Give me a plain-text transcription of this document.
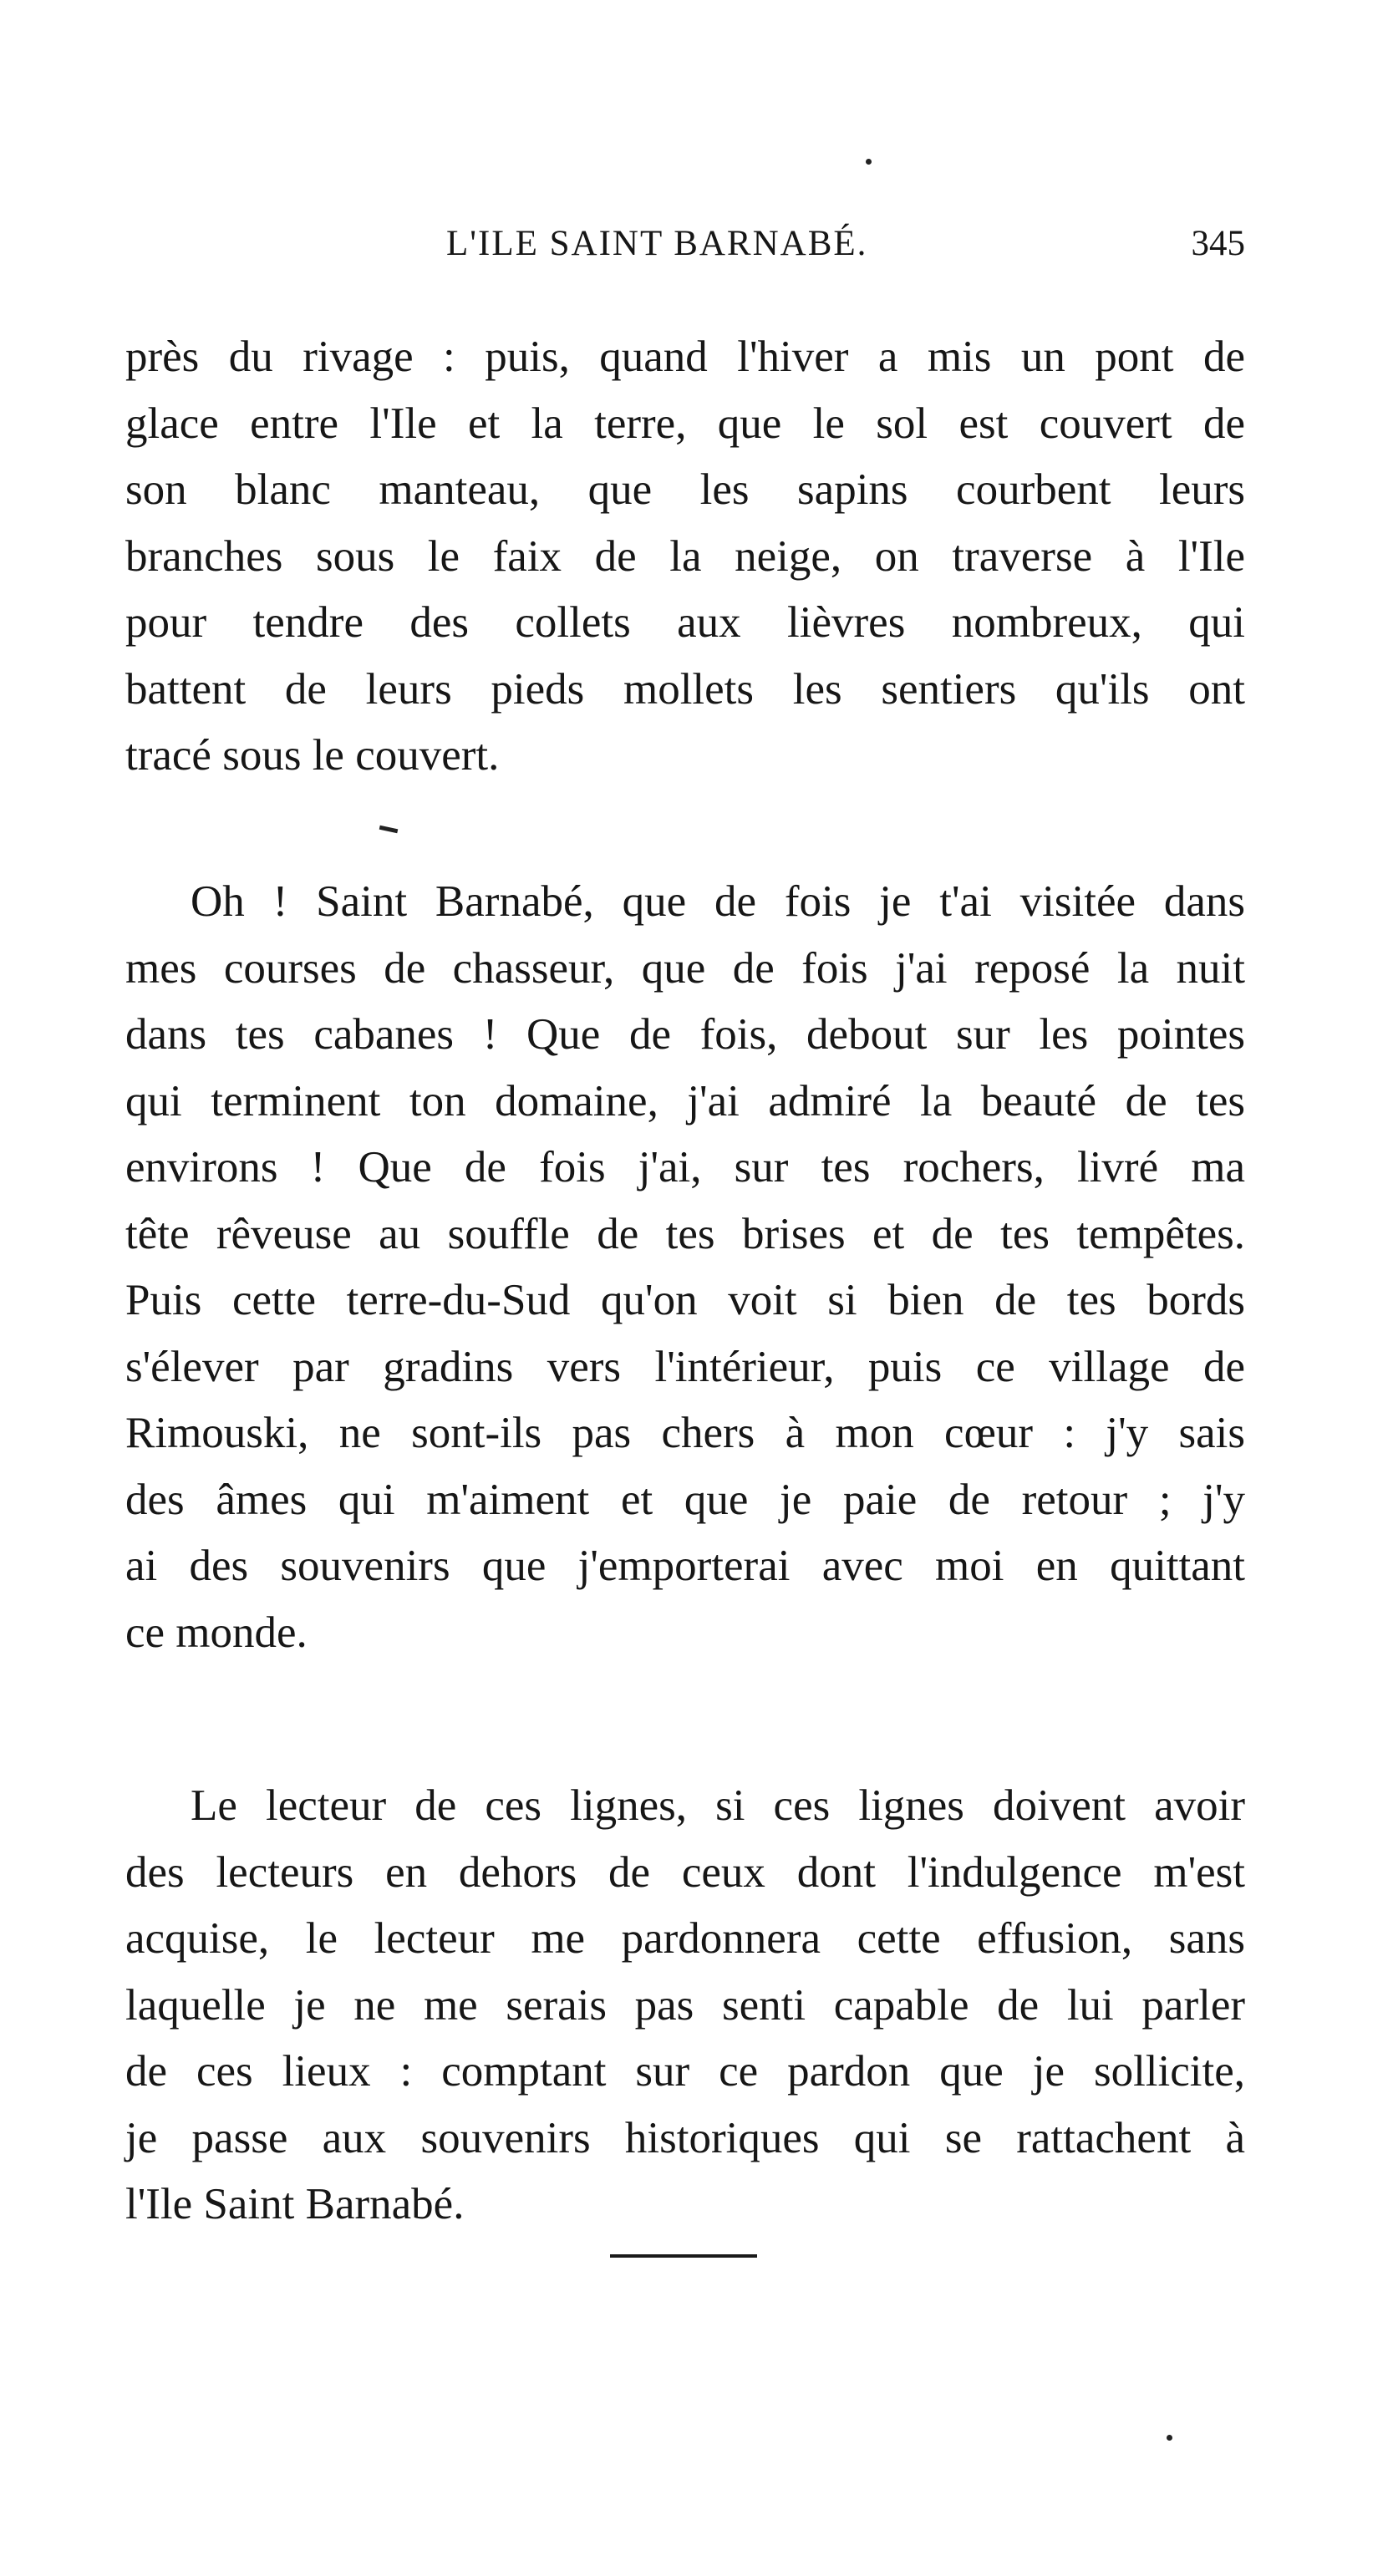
L'ILE SAINT BARNABÉ.	345
près du rivage : puis, quand l'hiver a mis un pont de
glace entre l'Ile et la terre, que le sol est couvert de
son blanc manteau, que les sapins courbent leurs
branches sous le faix de la neige, on traverse à l'Ile
pour tendre des collets aux lièvres nombreux, qui
battent de leurs pieds mollets les sentiers qu'ils ont
tracé sous le couvert.
Oh ! Saint Barnabé, que de fois je t'ai visitée dans
mes courses de chasseur, que de fois j'ai reposé la nuit
dans tes cabanes ! Que de fois, debout sur les pointes
qui terminent ton domaine, j'ai admiré la beauté de tes
environs ! Que de fois j'ai, sur tes rochers, livré ma
tête rêveuse au souffle de tes brises et de tes tempêtes.
Puis cette terre-du-Sud qu'on voit si bien de tes bords
s'élever par gradins vers l'intérieur, puis ce village de
Rimouski, ne sont-ils pas chers à mon cœur : j'y sais
des âmes qui m'aiment et que je paie de retour ; j'y
ai des souvenirs que j'emporterai avec moi en quittant
ce monde.
Le lecteur de ces lignes, si ces lignes doivent avoir
des lecteurs en dehors de ceux dont l'indulgence m'est
acquise, le lecteur me pardonnera cette effusion, sans
laquelle je ne me serais pas senti capable de lui parler
de ces lieux : comptant sur ce pardon que je sollicite,
je passe aux souvenirs historiques qui se rattachent à
l'Ile Saint Barnabé.
